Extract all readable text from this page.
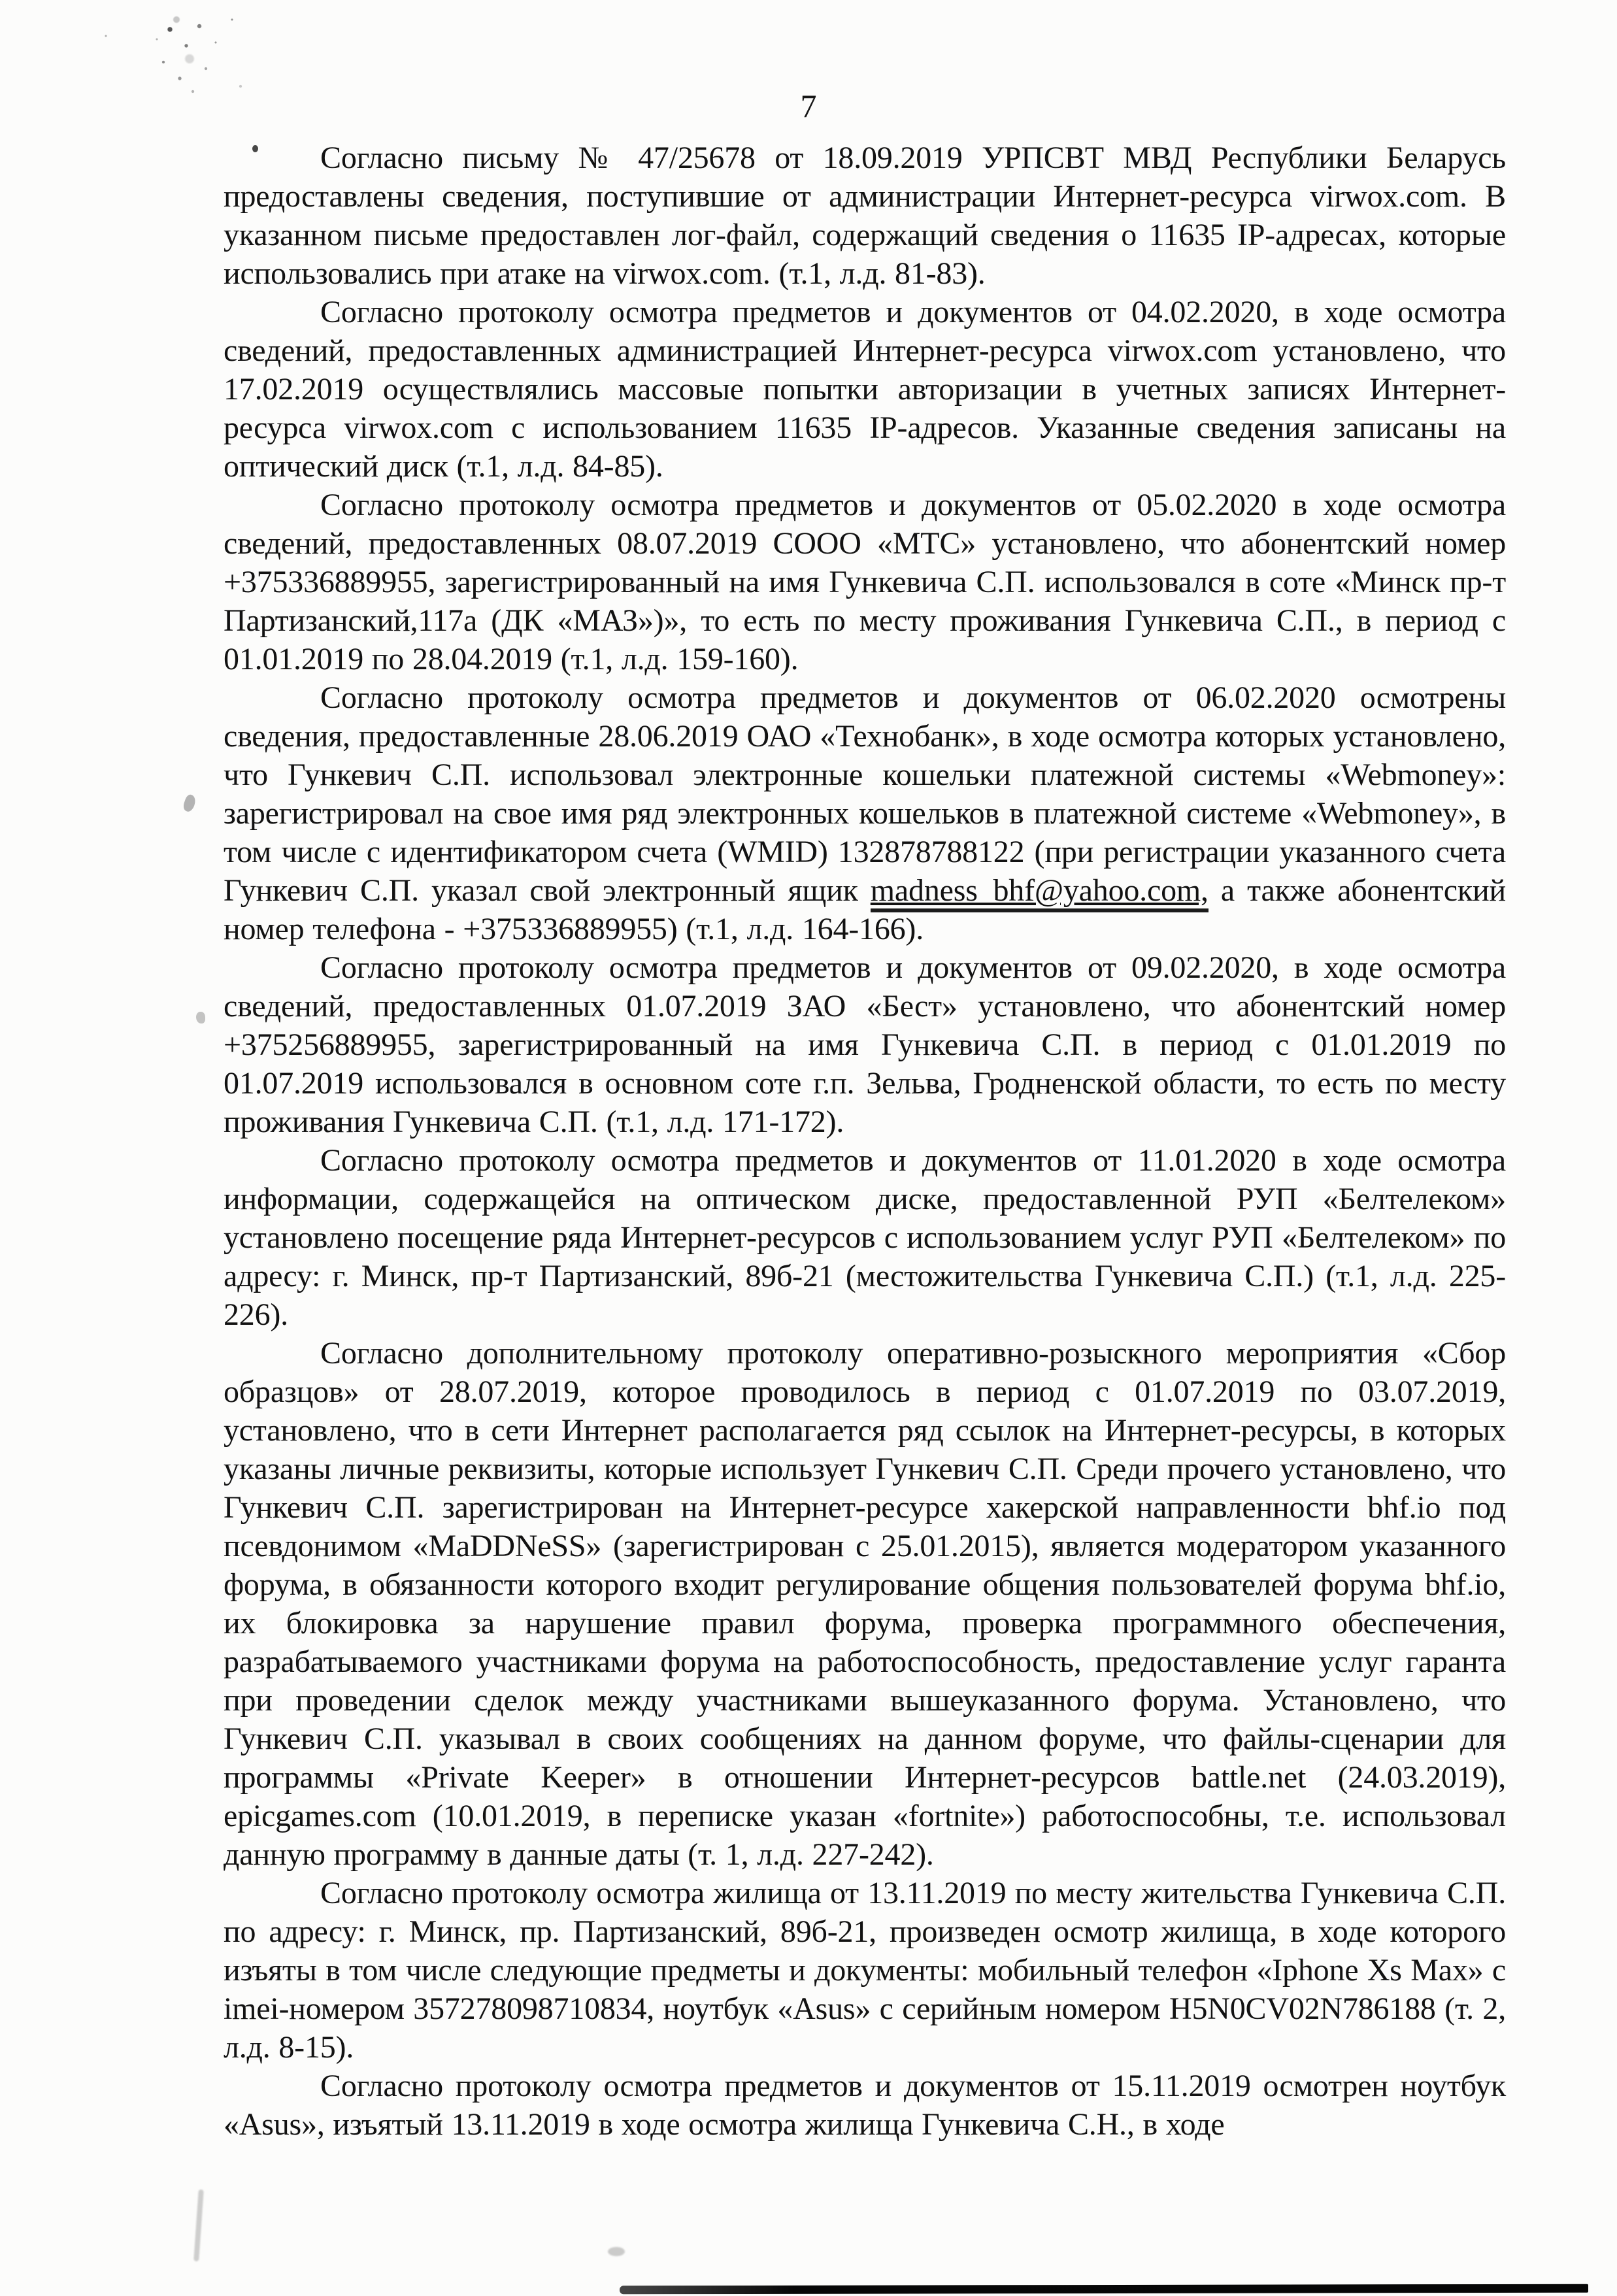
7

Согласно письму № 47/25678 от 18.09.2019 УРПСВТ МВД Республики Беларусь предоставлены сведения, поступившие от администрации Интернет-ресурса virwox.com. В указанном письме предоставлен лог-файл, содержащий сведения о 11635 IP-адресах, которые использовались при атаке на virwox.com. (т.1, л.д. 81-83).

Согласно протоколу осмотра предметов и документов от 04.02.2020, в ходе осмотра сведений, предоставленных администрацией Интернет-ресурса virwox.com установлено, что 17.02.2019 осуществлялись массовые попытки авторизации в учетных записях Интернет-ресурса virwox.com с использованием 11635 IP-адресов. Указанные сведения записаны на оптический диск (т.1, л.д. 84-85).

Согласно протоколу осмотра предметов и документов от 05.02.2020 в ходе осмотра сведений, предоставленных 08.07.2019 СООО «МТС» установлено, что абонентский номер +375336889955, зарегистрированный на имя Гункевича С.П. использовался в соте «Минск пр-т Партизанский,117а (ДК «МАЗ»)», то есть по месту проживания Гункевича С.П., в период с 01.01.2019 по 28.04.2019 (т.1, л.д. 159-160).

Согласно протоколу осмотра предметов и документов от 06.02.2020 осмотрены сведения, предоставленные 28.06.2019 ОАО «Технобанк», в ходе осмотра которых установлено, что Гункевич С.П. использовал электронные кошельки платежной системы «Webmoney»: зарегистрировал на свое имя ряд электронных кошельков в платежной системе «Webmoney», в том числе с идентификатором счета (WMID) 132878788122 (при регистрации указанного счета Гункевич С.П. указал свой электронный ящик madness_bhf@yahoo.com, а также абонентский номер телефона - +375336889955) (т.1, л.д. 164-166).

Согласно протоколу осмотра предметов и документов от 09.02.2020, в ходе осмотра сведений, предоставленных 01.07.2019 ЗАО «Бест» установлено, что абонентский номер +375256889955, зарегистрированный на имя Гункевича С.П. в период с 01.01.2019 по 01.07.2019 использовался в основном соте г.п. Зельва, Гродненской области, то есть по месту проживания Гункевича С.П. (т.1, л.д. 171-172).

Согласно протоколу осмотра предметов и документов от 11.01.2020 в ходе осмотра информации, содержащейся на оптическом диске, предоставленной РУП «Белтелеком» установлено посещение ряда Интернет-ресурсов с использованием услуг РУП «Белтелеком» по адресу: г. Минск, пр-т Партизанский, 89б-21 (местожительства Гункевича С.П.) (т.1, л.д. 225-226).

Согласно дополнительному протоколу оперативно-розыскного мероприятия «Сбор образцов» от 28.07.2019, которое проводилось в период с 01.07.2019 по 03.07.2019, установлено, что в сети Интернет располагается ряд ссылок на Интернет-ресурсы, в которых указаны личные реквизиты, которые использует Гункевич С.П. Среди прочего установлено, что Гункевич С.П. зарегистрирован на Интернет-ресурсе хакерской направленности bhf.io под псевдонимом «MaDDNeSS» (зарегистрирован с 25.01.2015), является модератором указанного форума, в обязанности которого входит регулирование общения пользователей форума bhf.io, их блокировка за нарушение правил форума, проверка программного обеспечения, разрабатываемого участниками форума на работоспособность, предоставление услуг гаранта при проведении сделок между участниками вышеуказанного форума. Установлено, что Гункевич С.П. указывал в своих сообщениях на данном форуме, что файлы-сценарии для программы «Private Keeper» в отношении Интернет-ресурсов battle.net (24.03.2019), epicgames.com (10.01.2019, в переписке указан «fortnite») работоспособны, т.е. использовал данную программу в данные даты (т. 1, л.д. 227-242).

Согласно протоколу осмотра жилища от 13.11.2019 по месту жительства Гункевича С.П. по адресу: г. Минск, пр. Партизанский, 89б-21, произведен осмотр жилища, в ходе которого изъяты в том числе следующие предметы и документы: мобильный телефон «Iphone Xs Max» с imei-номером 357278098710834, ноутбук «Asus» с серийным номером H5N0CV02N786188 (т. 2, л.д. 8-15).

Согласно протоколу осмотра предметов и документов от 15.11.2019 осмотрен ноутбук «Asus», изъятый 13.11.2019 в ходе осмотра жилища Гункевича С.Н., в ходе
